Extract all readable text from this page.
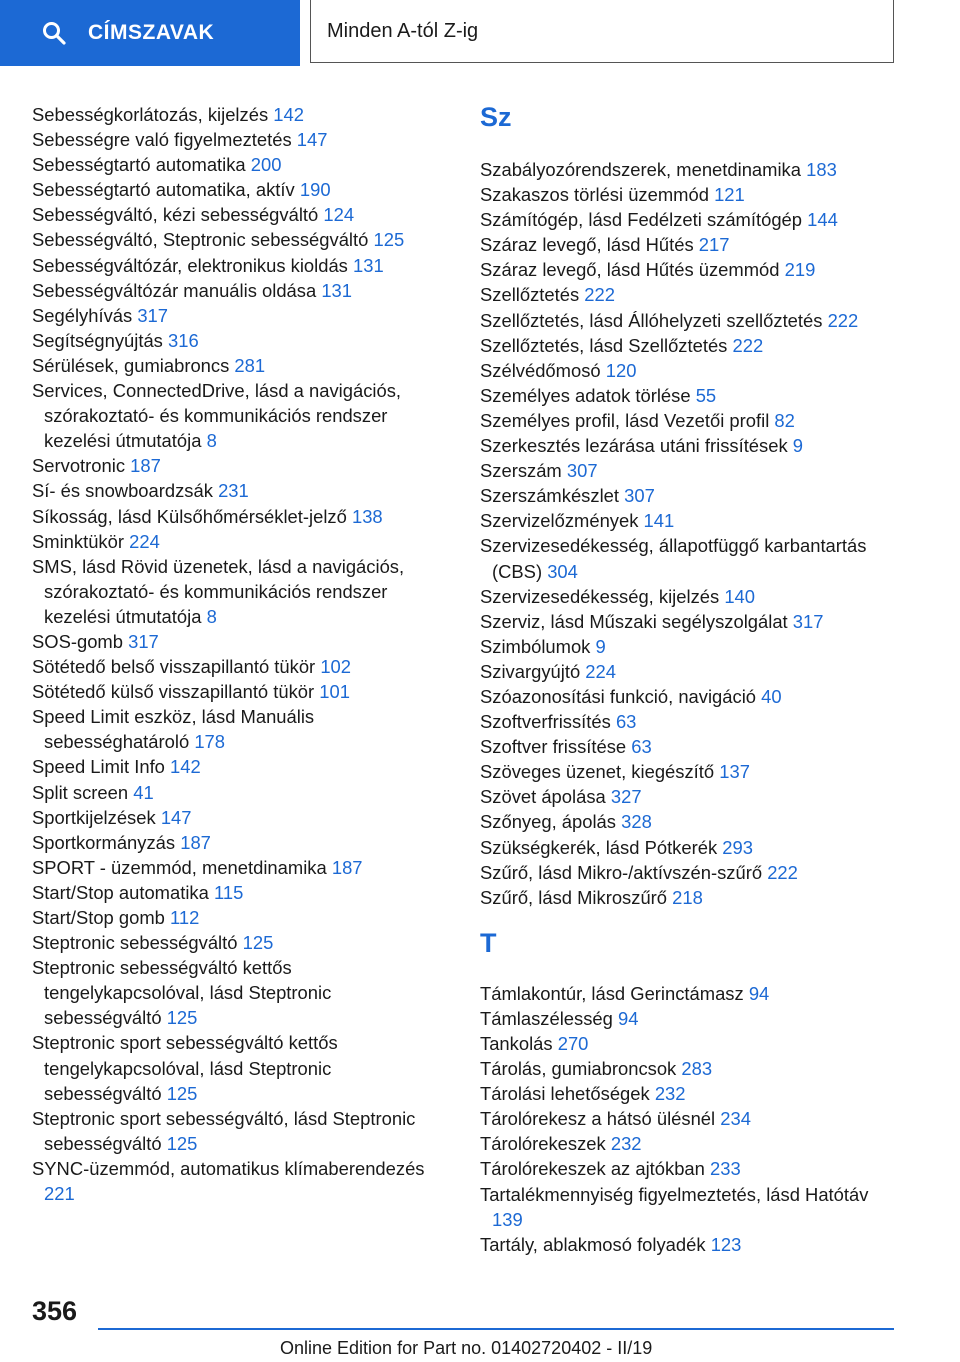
CÍMSZAVAK	Minden A-tól Z-ig
Sebességkorlátozás, kijelzés 142
Sebességre való figyelmeztetés 147
Sebességtartó automatika 200
Sebességtartó automatika, aktív 190
Sebességváltó, kézi sebességváltó 124
Sebességváltó, Steptronic sebességváltó 125
Sebességváltózár, elektronikus kioldás 131
Sebességváltózár manuális oldása 131
Segélyhívás 317
Segítségnyújtás 316
Sérülések, gumiabroncs 281
Services, ConnectedDrive, lásd a navigációs, szórakoztató- és kommunikációs rendszer kezelési útmutatója 8
Servotronic 187
Sí- és snowboardzsák 231
Síkosság, lásd Külsőhőmérséklet-jelző 138
Sminktükör 224
SMS, lásd Rövid üzenetek, lásd a navigációs, szórakoztató- és kommunikációs rendszer kezelési útmutatója 8
SOS-gomb 317
Sötétedő belső visszapillantó tükör 102
Sötétedő külső visszapillantó tükör 101
Speed Limit eszköz, lásd Manuális sebességhatároló 178
Speed Limit Info 142
Split screen 41
Sportkijelzések 147
Sportkormányzás 187
SPORT - üzemmód, menetdinamika 187
Start/Stop automatika 115
Start/Stop gomb 112
Steptronic sebességváltó 125
Steptronic sebességváltó kettős tengelykapcsolóval, lásd Steptronic sebességváltó 125
Steptronic sport sebességváltó kettős tengelykapcsolóval, lásd Steptronic sebességváltó 125
Steptronic sport sebességváltó, lásd Steptronic sebességváltó 125
SYNC-üzemmód, automatikus klímaberendezés 221
Sz
Szabályozórendszerek, menetdinamika 183
Szakaszos törlési üzemmód 121
Számítógép, lásd Fedélzeti számítógép 144
Száraz levegő, lásd Hűtés 217
Száraz levegő, lásd Hűtés üzemmód 219
Szellőztetés 222
Szellőztetés, lásd Állóhelyzeti szellőztetés 222
Szellőztetés, lásd Szellőztetés 222
Szélvédőmosó 120
Személyes adatok törlése 55
Személyes profil, lásd Vezetői profil 82
Szerkesztés lezárása utáni frissítések 9
Szerszám 307
Szerszámkészlet 307
Szervizelőzmények 141
Szervizesedékesség, állapotfüggő karbantartás (CBS) 304
Szervizesedékesség, kijelzés 140
Szerviz, lásd Műszaki segélyszolgálat 317
Szimbólumok 9
Szivargyújtó 224
Szóazonosítási funkció, navigáció 40
Szoftverfrissítés 63
Szoftver frissítése 63
Szöveges üzenet, kiegészítő 137
Szövet ápolása 327
Szőnyeg, ápolás 328
Szükségkerék, lásd Pótkerék 293
Szűrő, lásd Mikro-/aktívszén-szűrő 222
Szűrő, lásd Mikroszűrő 218
T
Támlakontúr, lásd Gerinctámasz 94
Támlaszélesség 94
Tankolás 270
Tárolás, gumiabroncsok 283
Tárolási lehetőségek 232
Tárolórekesz a hátsó ülésnél 234
Tárolórekeszek 232
Tárolórekeszek az ajtókban 233
Tartalékmennyiség figyelmeztetés, lásd Hatótáv 139
Tartály, ablakmosó folyadék 123
356
Online Edition for Part no. 01402720402 - II/19
